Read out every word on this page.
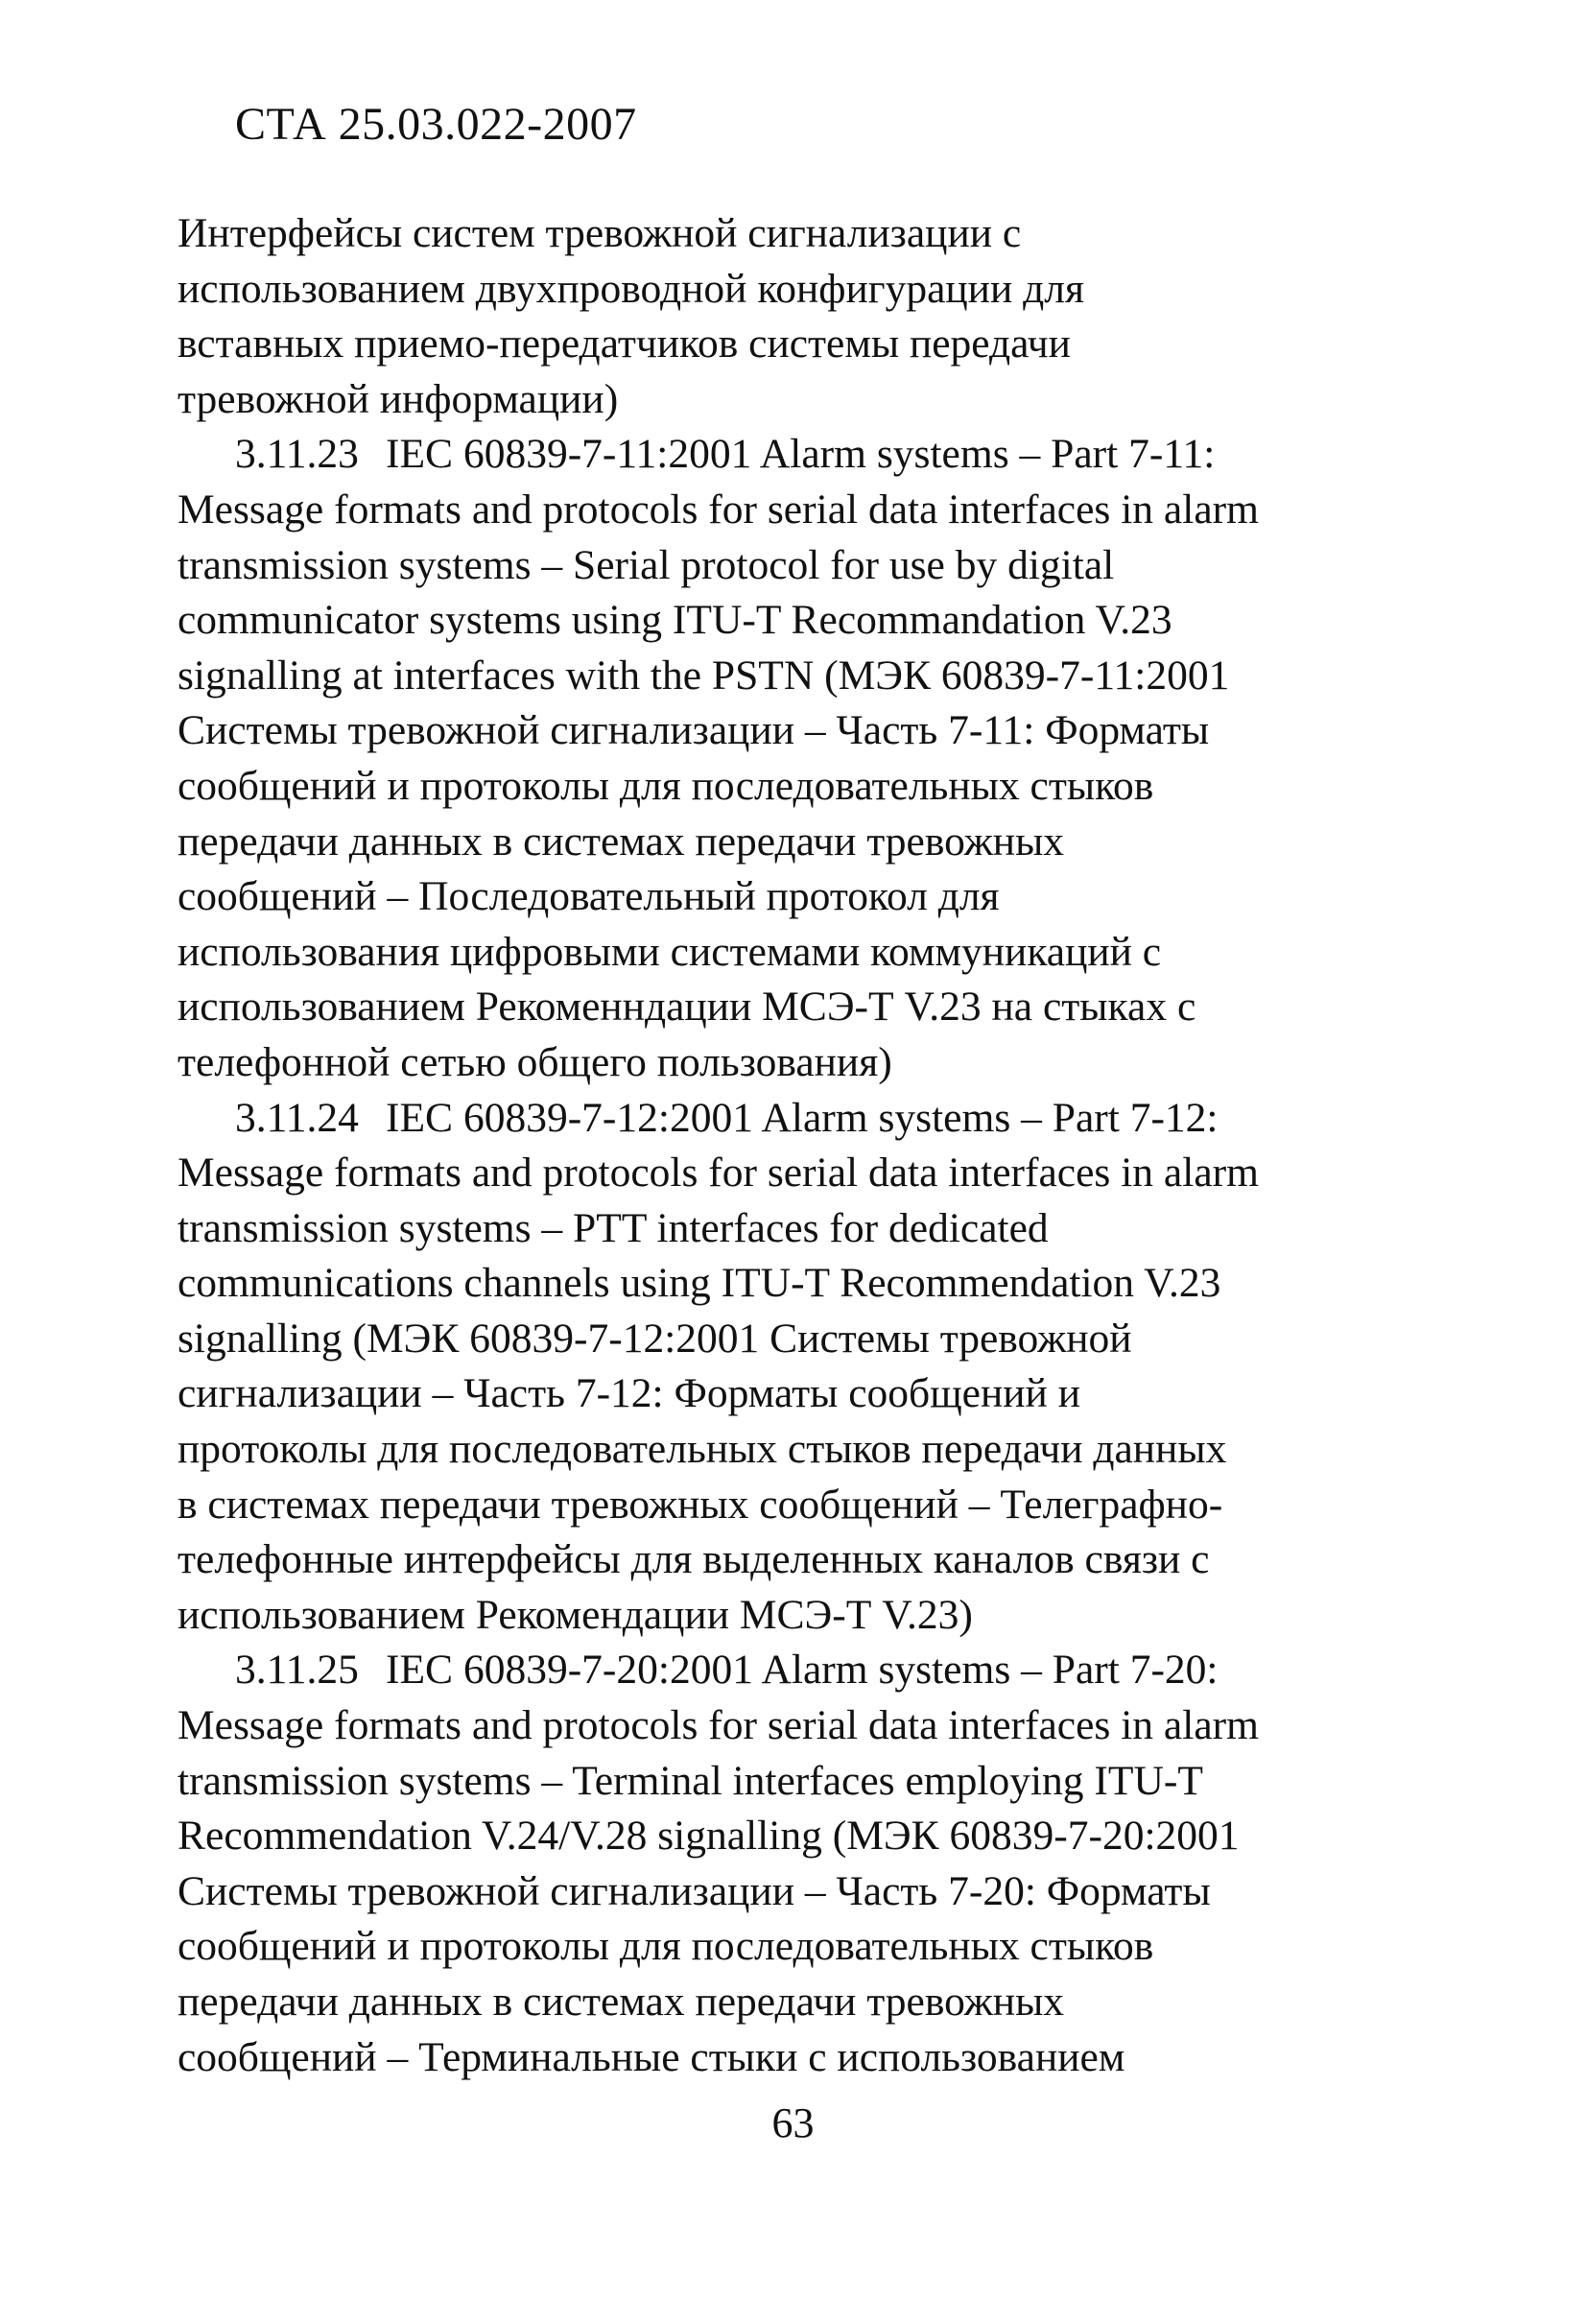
СТА 25.03.022-2007
Интерфейсы систем тревожной сигнализации с
использованием двухпроводной конфигурации для
вставных приемо-передатчиков системы передачи
тревожной информации)
3.11.23 IEC 60839-7-11:2001 Alarm systems – Part 7-11:
Message formats and protocols for serial data interfaces in alarm
transmission systems – Serial protocol for use by digital
communicator systems using ITU-T Recommandation V.23
signalling at interfaces with the PSTN (МЭК 60839-7-11:2001
Системы тревожной сигнализации – Часть 7-11: Форматы
сообщений и протоколы для последовательных стыков
передачи данных в системах передачи тревожных
сообщений – Последовательный протокол для
использования цифровыми системами коммуникаций с
использованием Рекоменндации МСЭ-Т V.23 на стыках с
телефонной сетью общего пользования)
3.11.24 IEC 60839-7-12:2001 Alarm systems – Part 7-12:
Message formats and protocols for serial data interfaces in alarm
transmission systems – PTT interfaces for dedicated
communications channels using ITU-T Recommendation V.23
signalling (МЭК 60839-7-12:2001 Системы тревожной
сигнализации – Часть 7-12: Форматы сообщений и
протоколы для последовательных стыков передачи данных
в системах передачи тревожных сообщений – Телеграфно-
телефонные интерфейсы для выделенных каналов связи с
использованием Рекомендации МСЭ-Т V.23)
3.11.25 IEC 60839-7-20:2001 Alarm systems – Part 7-20:
Message formats and protocols for serial data interfaces in alarm
transmission systems – Terminal interfaces employing ITU-T
Recommendation V.24/V.28 signalling (МЭК 60839-7-20:2001
Системы тревожной сигнализации – Часть 7-20: Форматы
сообщений и протоколы для последовательных стыков
передачи данных в системах передачи тревожных
сообщений – Терминальные стыки с использованием
63
